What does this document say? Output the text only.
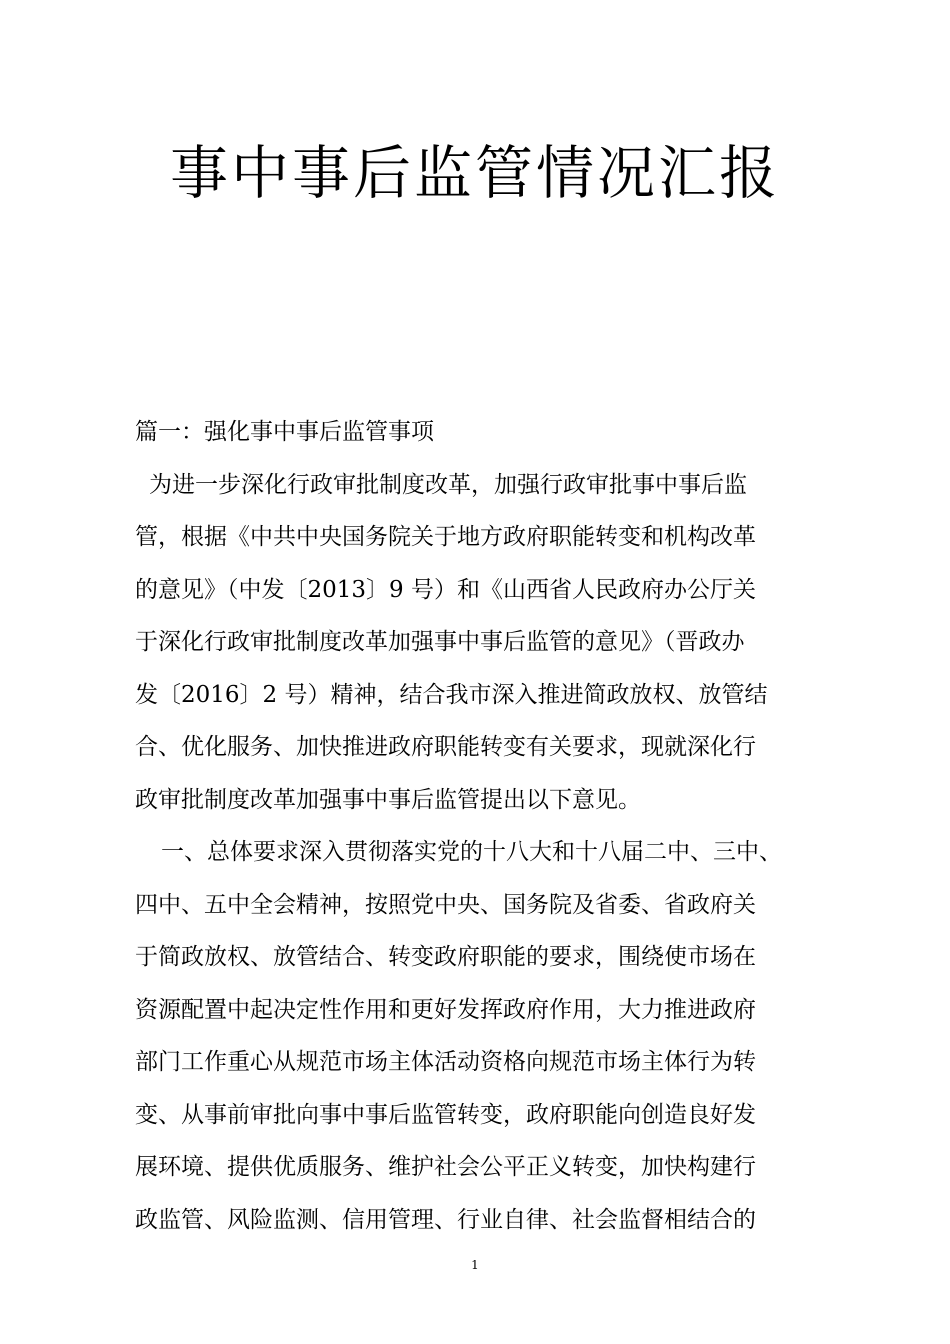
事中事后监管情况汇报
篇一：强化事中事后监管事项
为进一步深化行政审批制度改革，加强行政审批事中事后监
管，根据《中共中央国务院关于地方政府职能转变和机构改革
的意见》（中发〔2013〕9 号）和《山西省人民政府办公厅关
于深化行政审批制度改革加强事中事后监管的意见》（晋政办
发〔2016〕2 号）精神，结合我市深入推进简政放权、放管结
合、优化服务、加快推进政府职能转变有关要求，现就深化行
政审批制度改革加强事中事后监管提出以下意见。
一、总体要求深入贯彻落实党的十八大和十八届二中、三中、
四中、五中全会精神，按照党中央、国务院及省委、省政府关
于简政放权、放管结合、转变政府职能的要求，围绕使市场在
资源配置中起决定性作用和更好发挥政府作用，大力推进政府
部门工作重心从规范市场主体活动资格向规范市场主体行为转
变、从事前审批向事中事后监管转变，政府职能向创造良好发
展环境、提供优质服务、维护社会公平正义转变，加快构建行
政监管、风险监测、信用管理、行业自律、社会监督相结合的
1
